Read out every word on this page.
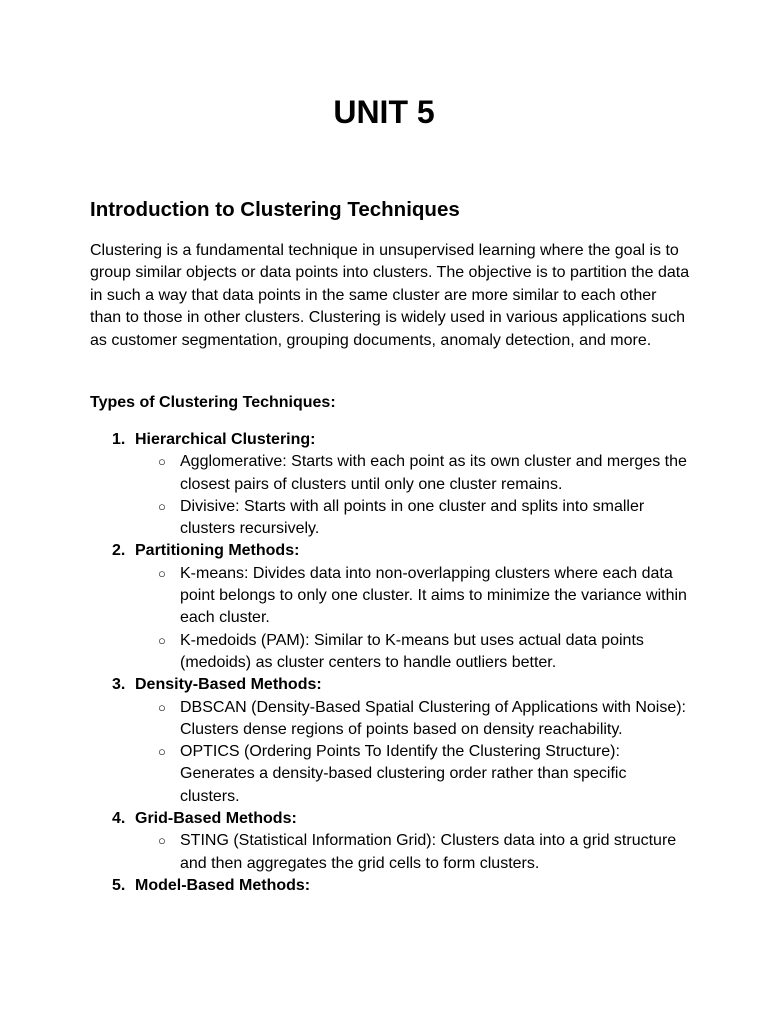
UNIT 5
Introduction to Clustering Techniques

Clustering is a fundamental technique in unsupervised learning where the goal is to group similar objects or data points into clusters. The objective is to partition the data in such a way that data points in the same cluster are more similar to each other than to those in other clusters. Clustering is widely used in various applications such as customer segmentation, grouping documents, anomaly detection, and more.

Types of Clustering Techniques:

1. Hierarchical Clustering:
○ Agglomerative: Starts with each point as its own cluster and merges the closest pairs of clusters until only one cluster remains.
○ Divisive: Starts with all points in one cluster and splits into smaller clusters recursively.
2. Partitioning Methods:
○ K-means: Divides data into non-overlapping clusters where each data point belongs to only one cluster. It aims to minimize the variance within each cluster.
○ K-medoids (PAM): Similar to K-means but uses actual data points (medoids) as cluster centers to handle outliers better.
3. Density-Based Methods:
○ DBSCAN (Density-Based Spatial Clustering of Applications with Noise): Clusters dense regions of points based on density reachability.
○ OPTICS (Ordering Points To Identify the Clustering Structure): Generates a density-based clustering order rather than specific clusters.
4. Grid-Based Methods:
○ STING (Statistical Information Grid): Clusters data into a grid structure and then aggregates the grid cells to form clusters.
5. Model-Based Methods:
